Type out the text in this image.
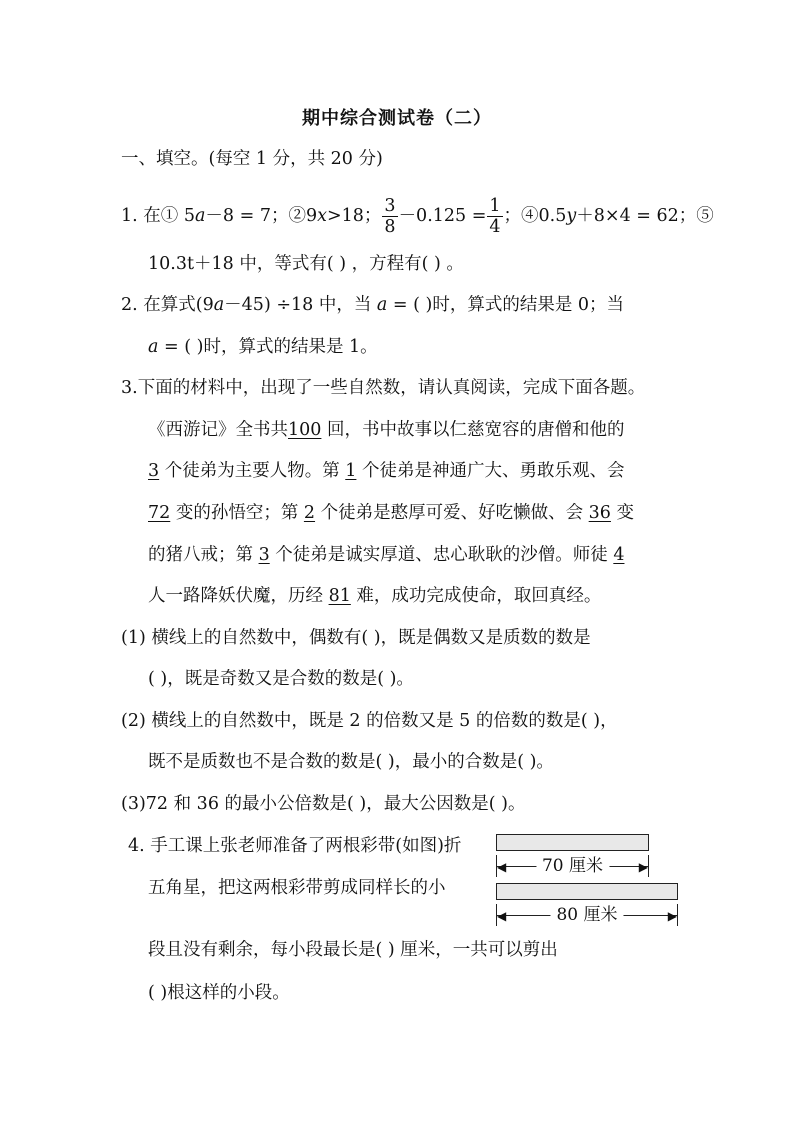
期中综合测试卷（二）
一、填空。(每空 1 分，共 20 分)
1. 在① 5a－8 = 7；②9x>18； $\frac{3}{8} -0.125 = \frac{1}{4}$ ；④0.5y＋8×4 = 62；⑤
10.3t＋18 中，等式有( ) ，方程有( ) 。
2. 在算式(9a－45) ÷18 中，当 a = ( )时，算式的结果是 0；当
a = ( )时，算式的结果是 1。
3.下面的材料中，出现了一些自然数，请认真阅读，完成下面各题。
《西游记》全书共100 回，书中故事以仁慈宽容的唐僧和他的
3 个徒弟为主要人物。第 1 个徒弟是神通广大、勇敢乐观、会
72 变的孙悟空；第 2 个徒弟是憨厚可爱、好吃懒做、会 36 变
的猪八戒；第 3 个徒弟是诚实厚道、忠心耿耿的沙僧。师徒 4
人一路降妖伏魔，历经 81 难，成功完成使命，取回真经。
(1) 横线上的自然数中，偶数有( )，既是偶数又是质数的数是
( )，既是奇数又是合数的数是( )。
(2) 横线上的自然数中，既是 2 的倍数又是 5 的倍数的数是( )，
既不是质数也不是合数的数是( )，最小的合数是( )。
(3)72 和 36 的最小公倍数是( )，最大公因数是( )。
4. 手工课上张老师准备了两根彩带(如图)折
五角星，把这两根彩带剪成同样长的小
段且没有剩余，每小段最长是( ) 厘米，一共可以剪出
( )根这样的小段。
◀	▶
70 厘米
◀	▶
80 厘米
